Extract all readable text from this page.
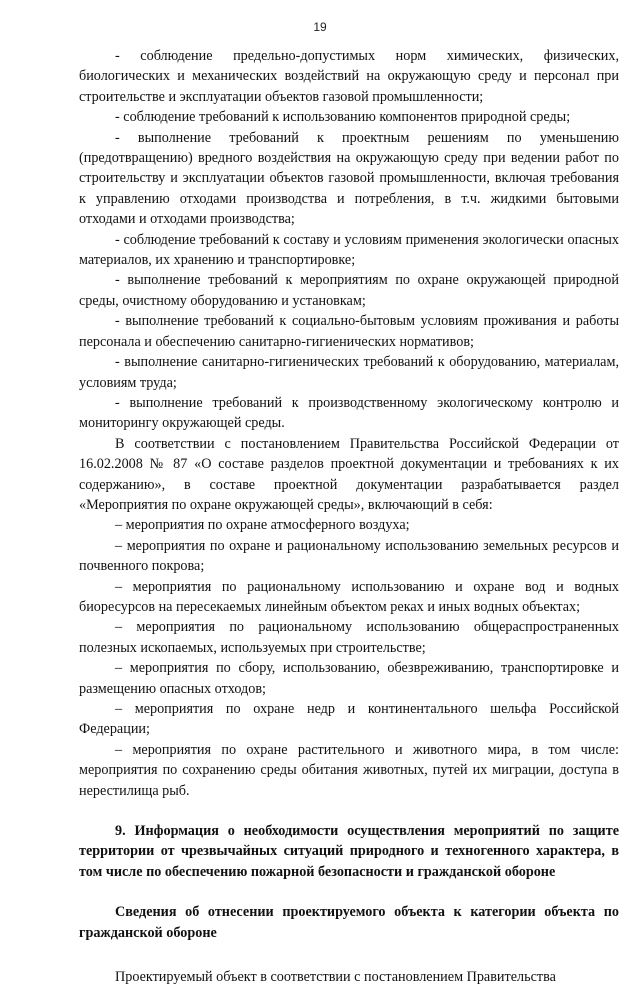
19

- соблюдение предельно-допустимых норм химических, физических, биологических и механических воздействий на окружающую среду и персонал при строительстве и эксплуатации объектов газовой промышленности;

- соблюдение требований к использованию компонентов природной среды;

- выполнение требований к проектным решениям по уменьшению (предотвращению) вредного воздействия на окружающую среду при ведении работ по строительству и эксплуатации объектов газовой промышленности, включая требования к управлению отходами производства и потребления, в т.ч. жидкими бытовыми отходами и отходами производства;

- соблюдение требований к составу и условиям применения экологически опасных материалов, их хранению и транспортировке;

- выполнение требований к мероприятиям по охране окружающей природной среды, очистному оборудованию и установкам;

- выполнение требований к социально-бытовым условиям проживания и работы персонала и обеспечению санитарно-гигиенических нормативов;

- выполнение санитарно-гигиенических требований к оборудованию, материалам, условиям труда;

- выполнение требований к производственному экологическому контролю и мониторингу окружающей среды.

В соответствии с постановлением Правительства Российской Федерации от 16.02.2008 № 87 «О составе разделов проектной документации и требованиях к их содержанию», в составе проектной документации разрабатывается раздел «Мероприятия по охране окружающей среды», включающий в себя:

– мероприятия по охране атмосферного воздуха;

– мероприятия по охране и рациональному использованию земельных ресурсов и почвенного покрова;

– мероприятия по рациональному использованию и охране вод и водных биоресурсов на пересекаемых линейным объектом реках и иных водных объектах;

– мероприятия по рациональному использованию общераспространенных полезных ископаемых, используемых при строительстве;

– мероприятия по сбору, использованию, обезвреживанию, транспортировке и размещению опасных отходов;

– мероприятия по охране недр и континентального шельфа Российской Федерации;

– мероприятия по охране растительного и животного мира, в том числе: мероприятия по сохранению среды обитания животных, путей их миграции, доступа в нерестилища рыб.

9. Информация о необходимости осуществления мероприятий по защите территории от чрезвычайных ситуаций природного и техногенного характера, в том числе по обеспечению пожарной безопасности и гражданской обороне

Сведения об отнесении проектируемого объекта к категории объекта по гражданской обороне

Проектируемый объект в соответствии с постановлением Правительства
